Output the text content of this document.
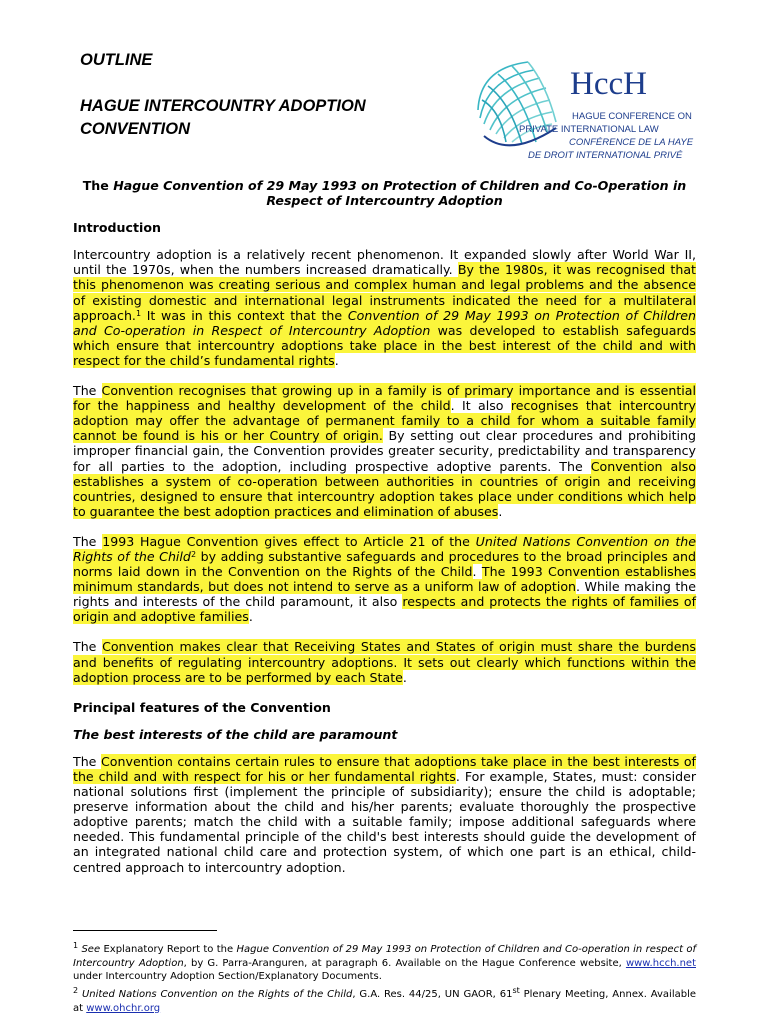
OUTLINE
HAGUE INTERCOUNTRY ADOPTION
CONVENTION
HccH
HAGUE CONFERENCE ON
PRIVATE INTERNATIONAL LAW
CONFÉRENCE DE LA HAYE
DE DROIT INTERNATIONAL PRIVÉ
The Hague Convention of 29 May 1993 on Protection of Children and Co-Operation in Respect of Intercountry Adoption
Introduction

Intercountry adoption is a relatively recent phenomenon. It expanded slowly after World War II, until the 1970s, when the numbers increased dramatically. By the 1980s, it was recognised that this phenomenon was creating serious and complex human and legal problems and the absence of existing domestic and international legal instruments indicated the need for a multilateral approach.$^1$ It was in this context that the Convention of 29 May 1993 on Protection of Children and Co-operation in Respect of Intercountry Adoption was developed to establish safeguards which ensure that intercountry adoptions take place in the best interest of the child and with respect for the child’s fundamental rights.

The Convention recognises that growing up in a family is of primary importance and is essential for the happiness and healthy development of the child. It also recognises that intercountry adoption may offer the advantage of permanent family to a child for whom a suitable family cannot be found is his or her Country of origin. By setting out clear procedures and prohibiting improper financial gain, the Convention provides greater security, predictability and transparency for all parties to the adoption, including prospective adoptive parents. The Convention also establishes a system of co-operation between authorities in countries of origin and receiving countries, designed to ensure that intercountry adoption takes place under conditions which help to guarantee the best adoption practices and elimination of abuses.

The 1993 Hague Convention gives effect to Article 21 of the United Nations Convention on the Rights of the Child$^2$ by adding substantive safeguards and procedures to the broad principles and norms laid down in the Convention on the Rights of the Child. The 1993 Convention establishes minimum standards, but does not intend to serve as a uniform law of adoption. While making the rights and interests of the child paramount, it also respects and protects the rights of families of origin and adoptive families.

The Convention makes clear that Receiving States and States of origin must share the burdens and benefits of regulating intercountry adoptions. It sets out clearly which functions within the adoption process are to be performed by each State.

Principal features of the Convention
The best interests of the child are paramount

The Convention contains certain rules to ensure that adoptions take place in the best interests of the child and with respect for his or her fundamental rights. For example, States, must: consider national solutions first (implement the principle of subsidiarity); ensure the child is adoptable; preserve information about the child and his/her parents; evaluate thoroughly the prospective adoptive parents; match the child with a suitable family; impose additional safeguards where needed. This fundamental principle of the child's best interests should guide the development of an integrated national child care and protection system, of which one part is an ethical, child-centred approach to intercountry adoption.

$^1$ See Explanatory Report to the Hague Convention of 29 May 1993 on Protection of Children and Co-operation in respect of Intercountry Adoption, by G. Parra-Aranguren, at paragraph 6. Available on the Hague Conference website, www.hcch.net under Intercountry Adoption Section/Explanatory Documents.
$^2$ United Nations Convention on the Rights of the Child, G.A. Res. 44/25, UN GAOR, 61st Plenary Meeting, Annex. Available at www.ohchr.org
